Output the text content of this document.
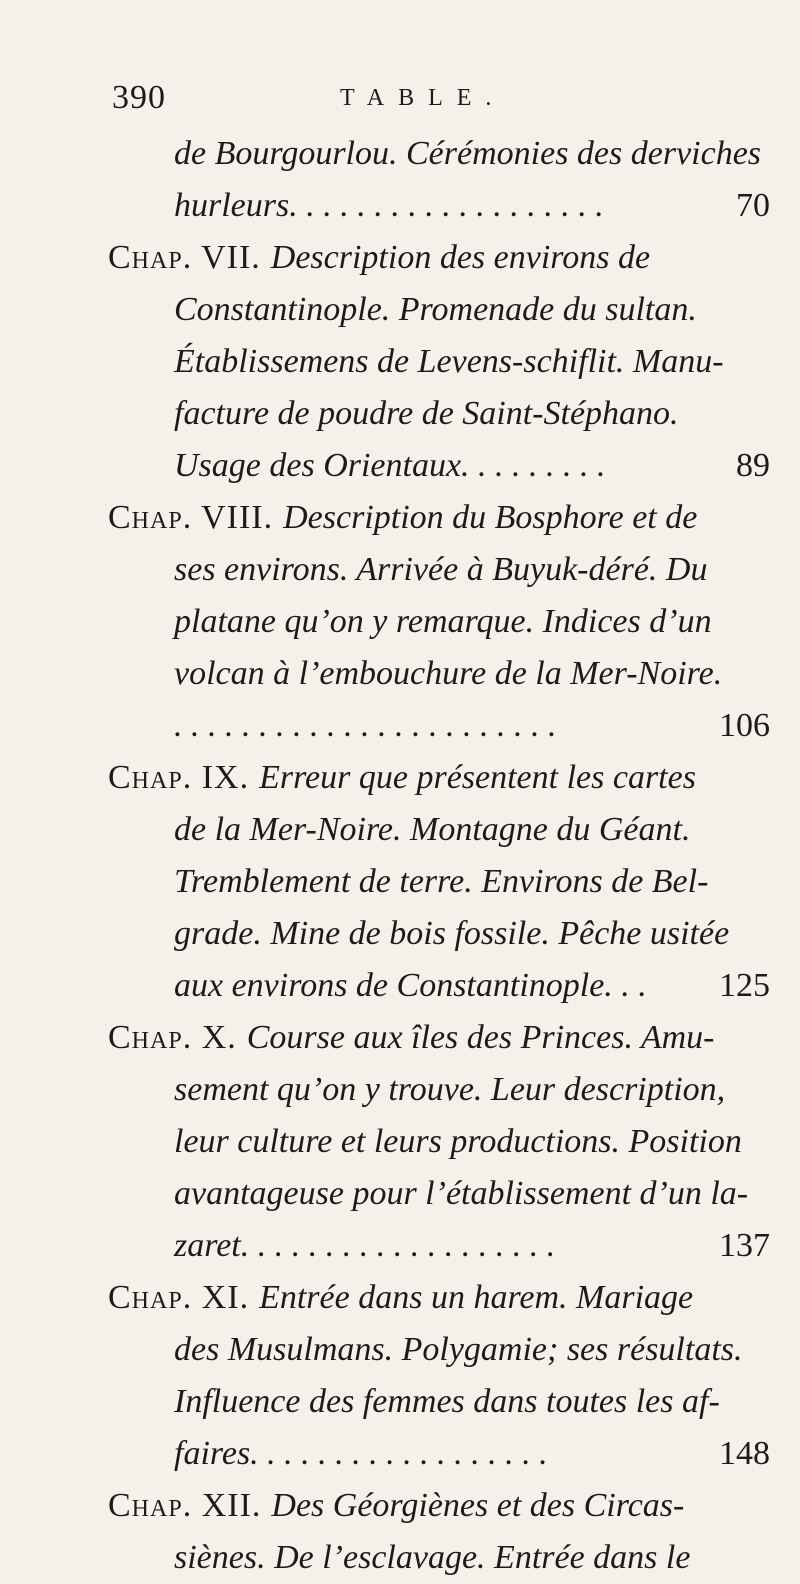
390	TABLE.
de Bourgourlou. Cérémonies des derviches
hurleurs. . . . . . . . . . . . . . . . . . .	70
Chap. VII. Description des environs de
Constantinople. Promenade du sultan.
Établissemens de Levens-schiflit. Manu-
facture de poudre de Saint-Stéphano.
Usage des Orientaux. . . . . . . . .	89
Chap. VIII. Description du Bosphore et de
ses environs. Arrivée à Buyuk-déré. Du
platane qu’on y remarque. Indices d’un
volcan à l’embouchure de la Mer-Noire.
. . . . . . . . . . . . . . . . . . . . . . .	106
Chap. IX. Erreur que présentent les cartes
de la Mer-Noire. Montagne du Géant.
Tremblement de terre. Environs de Bel-
grade. Mine de bois fossile. Pêche usitée
aux environs de Constantinople. . . 125
Chap. X. Course aux îles des Princes. Amu-
sement qu’on y trouve. Leur description,
leur culture et leurs productions. Position
avantageuse pour l’établissement d’un la-
zaret. . . . . . . . . . . . . . . . . . .	137
Chap. XI. Entrée dans un harem. Mariage
des Musulmans. Polygamie; ses résultats.
Influence des femmes dans toutes les af-
faires. . . . . . . . . . . . . . . . . .	148
Chap. XII. Des Géorgiènes et des Circas-
siènes. De l’esclavage. Entrée dans le
